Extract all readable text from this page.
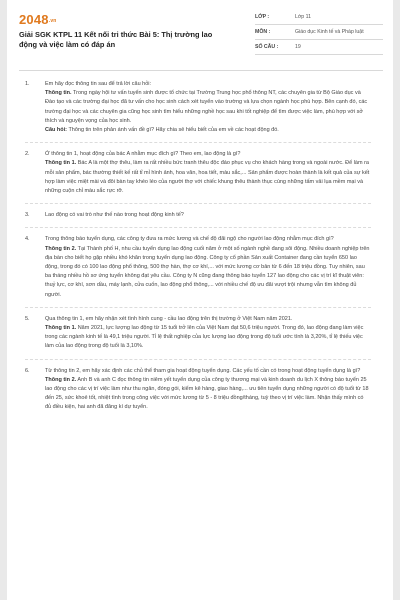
$2048^{.vn}$
Giải SGK KTPL 11 Kết nối tri thức Bài 5: Thị trường lao động và việc làm có đáp án
LỚP :	Lớp 11
MÔN :	Giáo dục Kinh tế và Pháp luật
SỐ CÂU :	19
1.	Em hãy đọc thông tin sau để trả lời câu hỏi:

Thông tin. Trong ngày hội tư vấn tuyển sinh được tổ chức tại Trường Trung học phổ thông NT, các chuyên gia từ Bộ Giáo dục và Đào tạo và các trường đại học đã tư vấn cho học sinh cách xét tuyển vào trường và lựa chọn ngành học phù hợp. Bên cạnh đó, các trường đại học và các chuyên gia cũng học sinh tìm hiểu những nghề học sau khi tốt nghiệp để tìm được việc làm, phù hợp với sở thích và nguyện vọng của học sinh.

Câu hỏi: Thông tin trên phản ánh vấn đề gì? Hãy chia sẻ hiểu biết của em về các hoạt động đó.

2.	Ở thông tin 1, hoạt động của bác A nhằm mục đích gì? Theo em, lao động là gì?

Thông tin 1. Bác A là một thợ thêu, làm ra rất nhiều bức tranh thêu độc đáo phục vụ cho khách hàng trong và ngoài nước. Để làm ra mỗi sản phẩm, bác thường thiết kế rất tỉ mỉ hình ảnh, hoa văn, hoa tiết, màu sắc,... Sản phẩm được hoàn thành là kết quả của sự kết hợp làm việc miệt mài và đôi bàn tay khéo léo của người thợ với chiếc khung thêu thành thục cùng những tấm vải lụa mềm mại và những cuộn chỉ màu sắc rực rỡ.

3.	Lao động có vai trò như thế nào trong hoạt động kinh tế?

4.	Trong thông báo tuyển dụng, các công ty đưa ra mức lương và chế độ đãi ngộ cho người lao động nhằm mục đích gì?

Thông tin 2. Tại Thành phố H, nhu cầu tuyển dụng lao động cuối năm ở một số ngành nghề đang sôi động. Nhiều doanh nghiệp trên địa bàn cho biết họ gặp nhiều khó khăn trong tuyển dụng lao động. Công ty cổ phần Sản xuất Container đang cần tuyển 650 lao động, trong đó có 100 lao động phổ thông, 500 thợ hàn, thợ cơ khí,... với mức lương cơ bản từ 6 đến 18 triệu đồng. Tuy nhiên, sau ba tháng nhiều hồ sơ ứng tuyển không đạt yêu cầu. Công ty N cũng đang thông báo tuyển 127 lao động cho các vị trí kĩ thuật viên: thuỷ lực, cơ khí, sơn dầu, máy lạnh, cửa cuốn, lao động phổ thông,... với nhiều chế độ ưu đãi vượt trội nhưng vẫn tìm không đủ người.

5.	Qua thông tin 1, em hãy nhận xét tình hình cung - cầu lao động trên thị trường ở Việt Nam năm 2021.

Thông tin 1. Năm 2021, lực lượng lao động từ 15 tuổi trở lên của Việt Nam đạt 50,6 triệu người. Trong đó, lao động đang làm việc trong các ngành kinh tế là 49,1 triệu người. Tỉ lệ thất nghiệp của lực lượng lao động trong độ tuổi ước tính là 3,20%, tỉ lệ thiếu việc làm của lao động trong độ tuổi là 3,10%.

6.	Từ thông tin 2, em hãy xác định các chủ thể tham gia hoạt động tuyển dụng. Các yếu tố cần có trong hoạt động tuyển dụng là gì?

Thông tin 2. Anh B và anh C đọc thông tin niêm yết tuyển dụng của công ty thương mại và kinh doanh du lịch X thông báo tuyển 25 lao động cho các vị trí việc làm như thu ngân, đóng gói, kiểm kê hàng, giao hàng,... ưu tiên tuyển dụng những người có độ tuổi từ 18 đến 25, sức khoẻ tốt, nhiệt tình trong công việc với mức lương từ 5 - 8 triệu đồng/tháng, tuỳ theo vị trí việc làm. Nhận thấy mình có đủ điều kiện, hai anh đã đăng kí dự tuyển.
